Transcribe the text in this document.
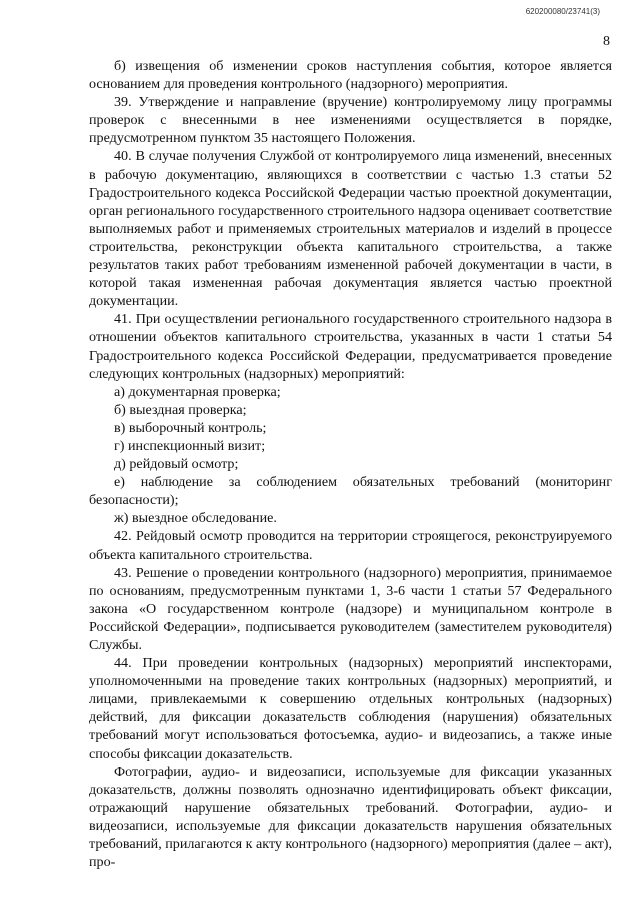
620200080/23741(3)
8

б) извещения об изменении сроков наступления события, которое является основанием для проведения контрольного (надзорного) мероприятия.

39. Утверждение и направление (вручение) контролируемому лицу программы проверок с внесенными в нее изменениями осуществляется в порядке, предусмотренном пунктом 35 настоящего Положения.

40. В случае получения Службой от контролируемого лица изменений, внесенных в рабочую документацию, являющихся в соответствии с частью 1.3 статьи 52 Градостроительного кодекса Российской Федерации частью проектной документации, орган регионального государственного строительного надзора оценивает соответствие выполняемых работ и применяемых строительных материалов и изделий в процессе строительства, реконструкции объекта капитального строительства, а также результатов таких работ требованиям измененной рабочей документации в части, в которой такая измененная рабочая документация является частью проектной документации.

41. При осуществлении регионального государственного строительного надзора в отношении объектов капитального строительства, указанных в части 1 статьи 54 Градостроительного кодекса Российской Федерации, предусматривается проведение следующих контрольных (надзорных) мероприятий:

а) документарная проверка;

б) выездная проверка;

в) выборочный контроль;

г) инспекционный визит;

д) рейдовый осмотр;

е) наблюдение за соблюдением обязательных требований (мониторинг безопасности);

ж) выездное обследование.

42. Рейдовый осмотр проводится на территории строящегося, реконструируемого объекта капитального строительства.

43. Решение о проведении контрольного (надзорного) мероприятия, принимаемое по основаниям, предусмотренным пунктами 1, 3-6 части 1 статьи 57 Федерального закона «О государственном контроле (надзоре) и муниципальном контроле в Российской Федерации», подписывается руководителем (заместителем руководителя) Службы.

44. При проведении контрольных (надзорных) мероприятий инспекторами, уполномоченными на проведение таких контрольных (надзорных) мероприятий, и лицами, привлекаемыми к совершению отдельных контрольных (надзорных) действий, для фиксации доказательств соблюдения (нарушения) обязательных требований могут использоваться фотосъемка, аудио- и видеозапись, а также иные способы фиксации доказательств.

Фотографии, аудио- и видеозаписи, используемые для фиксации указанных доказательств, должны позволять однозначно идентифицировать объект фиксации, отражающий нарушение обязательных требований. Фотографии, аудио- и видеозаписи, используемые для фиксации доказательств нарушения обязательных требований, прилагаются к акту контрольного (надзорного) мероприятия (далее – акт), про-
